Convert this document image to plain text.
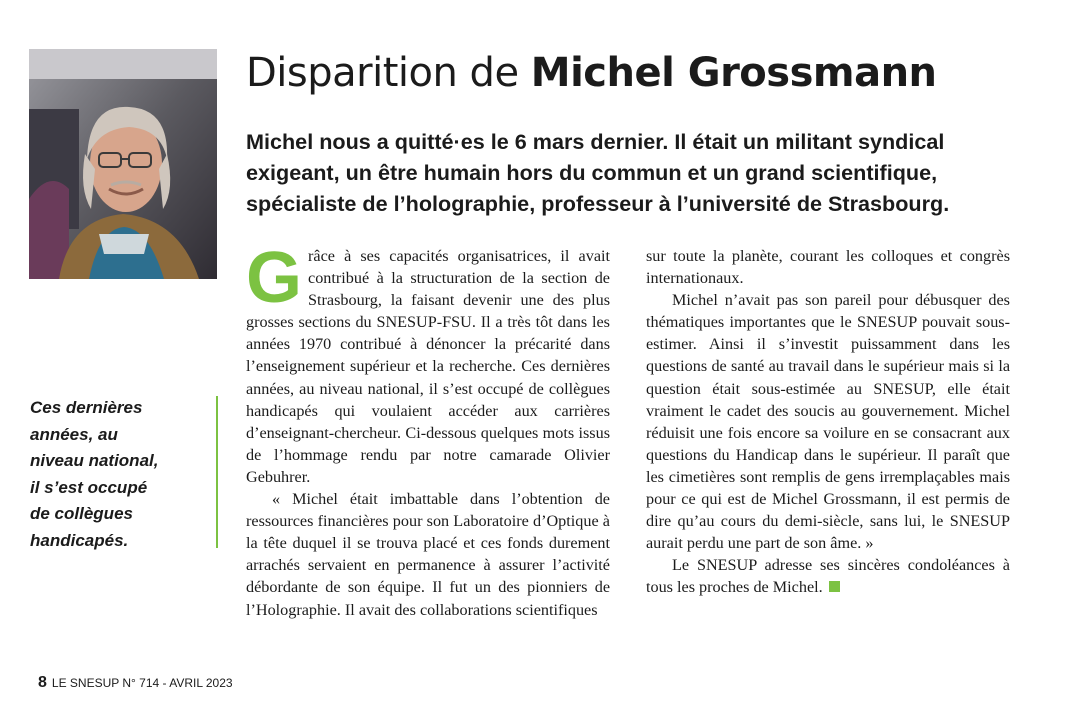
Disparition de Michel Grossmann

Michel nous a quitté·es le 6 mars dernier. Il était un militant syndical exigeant, un être humain hors du commun et un grand scientifique, spécialiste de l’holographie, professeur à l’université de Strasbourg.

Ces dernières
années, au
niveau national,
il s’est occupé
de collègues
handicapés.

Grâce à ses capacités organisatrices, il avait contribué à la structuration de la section de Strasbourg, la faisant devenir une des plus grosses sections du SNESUP-FSU. Il a très tôt dans les années 1970 contribué à dénoncer la précarité dans l’enseignement supérieur et la recherche. Ces dernières années, au niveau national, il s’est occupé de collègues handicapés qui voulaient accéder aux carrières d’enseignant-chercheur. Ci-dessous quelques mots issus de l’hommage rendu par notre camarade Olivier Gebuhrer.

« Michel était imbattable dans l’obtention de ressources financières pour son Laboratoire d’Optique à la tête duquel il se trouva placé et ces fonds durement arrachés servaient en permanence à assurer l’activité débordante de son équipe. Il fut un des pionniers de l’Holographie. Il avait des collaborations scientifiques

sur toute la planète, courant les colloques et congrès internationaux.

Michel n’avait pas son pareil pour débusquer des thématiques importantes que le SNESUP pouvait sous-estimer. Ainsi il s’investit puissamment dans les questions de santé au travail dans le supérieur mais si la question était sous-estimée au SNESUP, elle était vraiment le cadet des soucis au gouvernement. Michel réduisit une fois encore sa voilure en se consacrant aux questions du Handicap dans le supérieur. Il paraît que les cimetières sont remplis de gens irremplaçables mais pour ce qui est de Michel Grossmann, il est permis de dire qu’au cours du demi-siècle, sans lui, le SNESUP aurait perdu une part de son âme. »

Le SNESUP adresse ses sincères condoléances à tous les proches de Michel.

8 LE SNESUP N° 714 - AVRIL 2023
